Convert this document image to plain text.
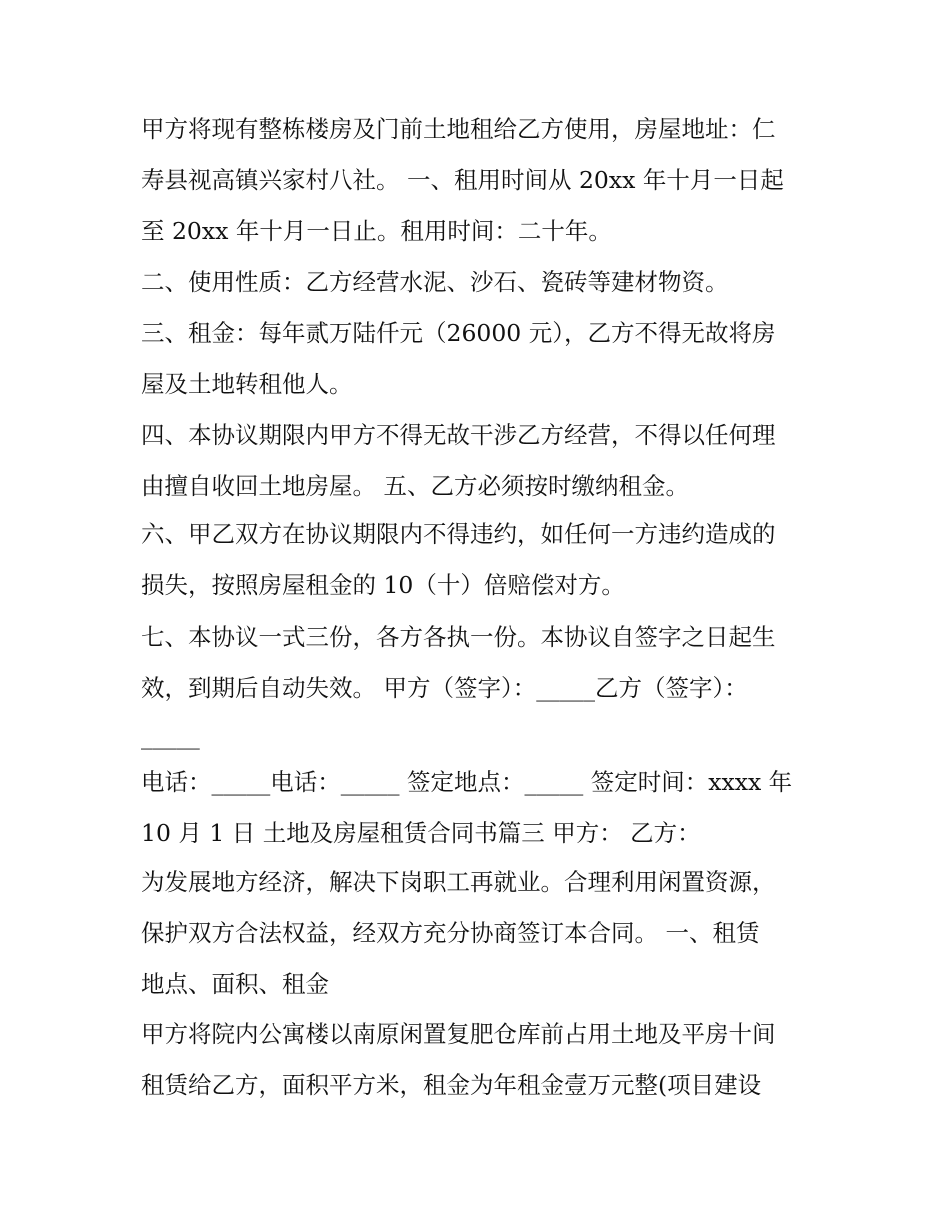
甲方将现有整栋楼房及门前土地租给乙方使用，房屋地址：仁
寿县视高镇兴家村八社。 一、租用时间从 20xx 年十月一日起
至 20xx 年十月一日止。租用时间：二十年。
二、使用性质：乙方经营水泥、沙石、瓷砖等建材物资。
三、租金：每年贰万陆仟元（26000 元），乙方不得无故将房
屋及土地转租他人。
四、本协议期限内甲方不得无故干涉乙方经营，不得以任何理
由擅自收回土地房屋。 五、乙方必须按时缴纳租金。
六、甲乙双方在协议期限内不得违约，如任何一方违约造成的
损失，按照房屋租金的 10（十）倍赔偿对方。
七、本协议一式三份，各方各执一份。本协议自签字之日起生
效，到期后自动失效。 甲方（签字）：_____乙方（签字）：
_____
电话：_____电话：_____ 签定地点：_____ 签定时间：xxxx 年
10 月 1 日 土地及房屋租赁合同书篇三 甲方： 乙方：
为发展地方经济，解决下岗职工再就业。合理利用闲置资源，
保护双方合法权益，经双方充分协商签订本合同。 一、租赁
地点、面积、租金
甲方将院内公寓楼以南原闲置复肥仓库前占用土地及平房十间
租赁给乙方，面积平方米，租金为年租金壹万元整(项目建设
